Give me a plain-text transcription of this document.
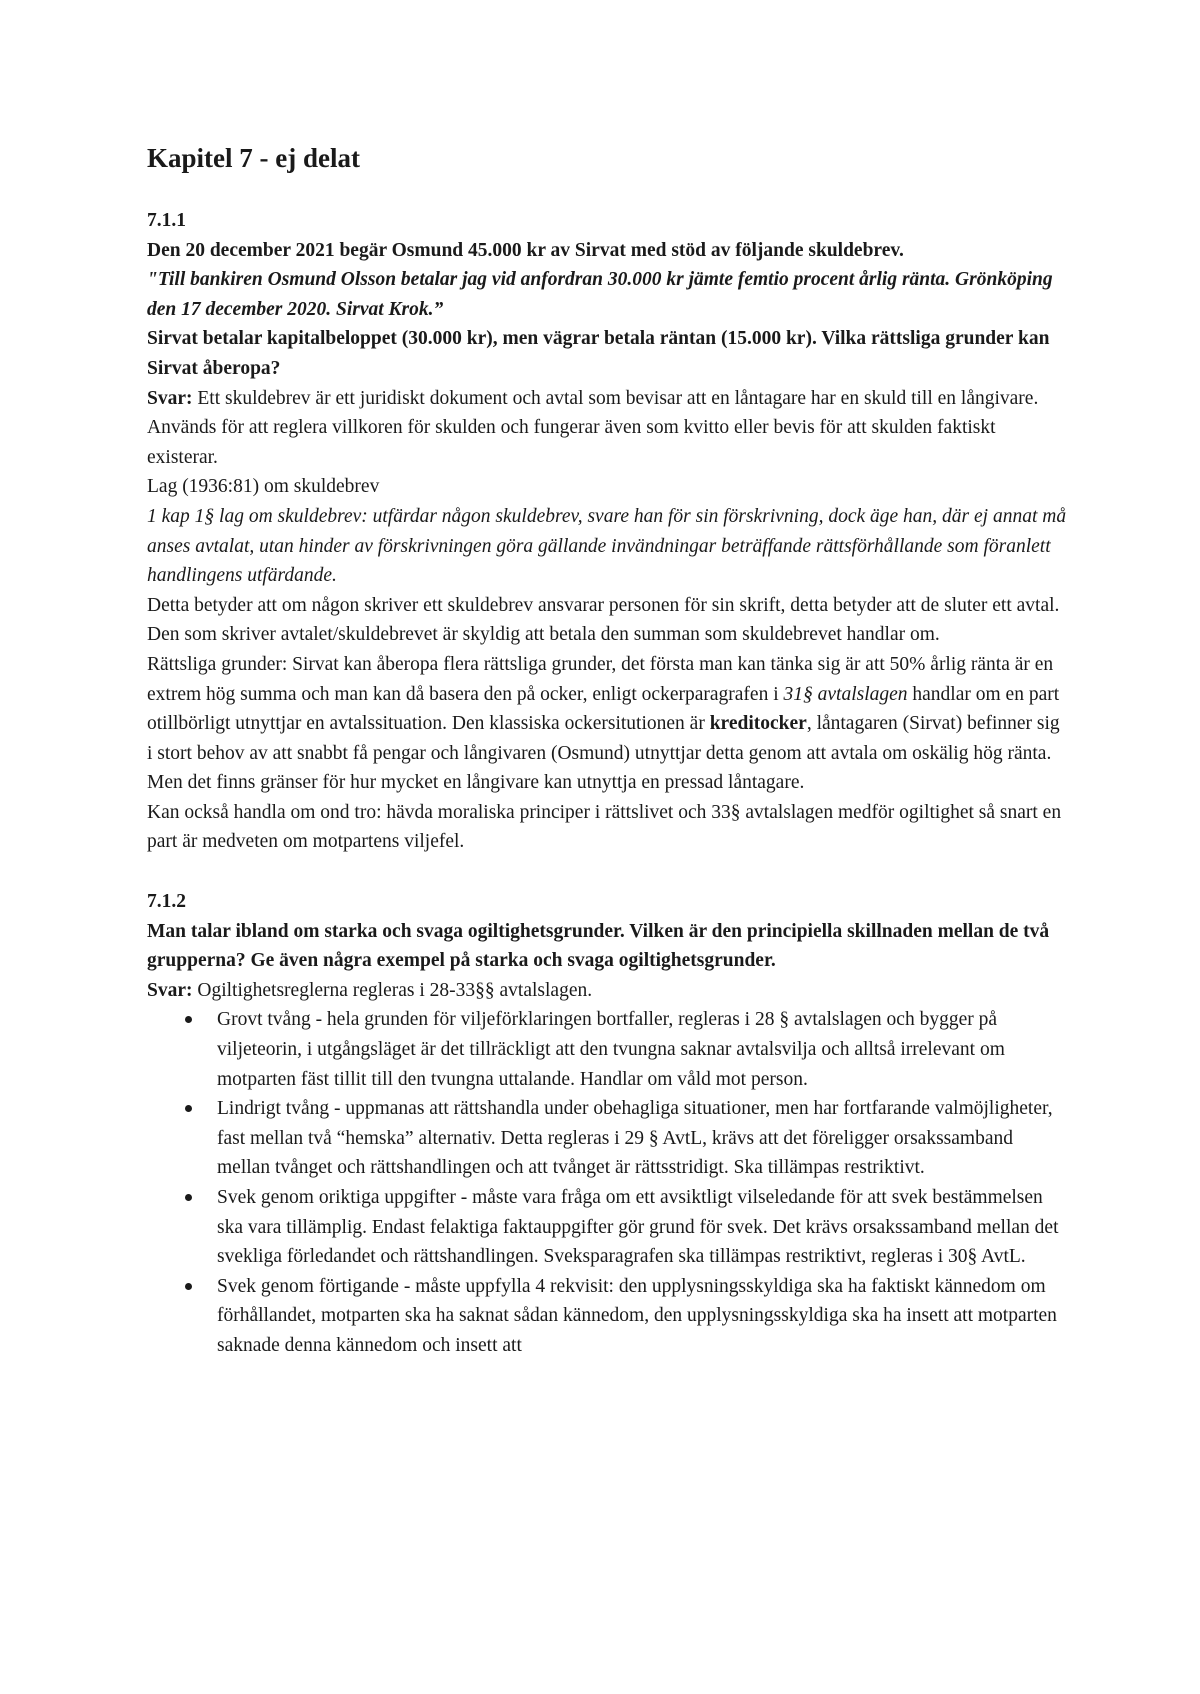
Kapitel 7 - ej delat

7.1.1

Den 20 december 2021 begär Osmund 45.000 kr av Sirvat med stöd av följande skuldebrev.

"Till bankiren Osmund Olsson betalar jag vid anfordran 30.000 kr jämte femtio procent årlig ränta. Grönköping den 17 december 2020. Sirvat Krok.”

Sirvat betalar kapitalbeloppet (30.000 kr), men vägrar betala räntan (15.000 kr). Vilka rättsliga grunder kan Sirvat åberopa?

Svar: Ett skuldebrev är ett juridiskt dokument och avtal som bevisar att en låntagare har en skuld till en långivare. Används för att reglera villkoren för skulden och fungerar även som kvitto eller bevis för att skulden faktiskt existerar.

Lag (1936:81) om skuldebrev

1 kap 1§ lag om skuldebrev: utfärdar någon skuldebrev, svare han för sin förskrivning, dock äge han, där ej annat må anses avtalat, utan hinder av förskrivningen göra gällande invändningar beträffande rättsförhållande som föranlett handlingens utfärdande.

Detta betyder att om någon skriver ett skuldebrev ansvarar personen för sin skrift, detta betyder att de sluter ett avtal. Den som skriver avtalet/skuldebrevet är skyldig att betala den summan som skuldebrevet handlar om.

Rättsliga grunder: Sirvat kan åberopa flera rättsliga grunder, det första man kan tänka sig är att 50% årlig ränta är en extrem hög summa och man kan då basera den på ocker, enligt ockerparagrafen i 31§ avtalslagen handlar om en part otillbörligt utnyttjar en avtalssituation. Den klassiska ockersitutionen är kreditocker, låntagaren (Sirvat) befinner sig i stort behov av att snabbt få pengar och långivaren (Osmund) utnyttjar detta genom att avtala om oskälig hög ränta. Men det finns gränser för hur mycket en långivare kan utnyttja en pressad låntagare.

Kan också handla om ond tro: hävda moraliska principer i rättslivet och 33§ avtalslagen medför ogiltighet så snart en part är medveten om motpartens viljefel.

7.1.2

Man talar ibland om starka och svaga ogiltighetsgrunder. Vilken är den principiella skillnaden mellan de två grupperna? Ge även några exempel på starka och svaga ogiltighetsgrunder.

Svar: Ogiltighetsreglerna regleras i 28-33§§ avtalslagen.

Grovt tvång - hela grunden för viljeförklaringen bortfaller, regleras i 28 § avtalslagen och bygger på viljeteorin, i utgångsläget är det tillräckligt att den tvungna saknar avtalsvilja och alltså irrelevant om motparten fäst tillit till den tvungna uttalande. Handlar om våld mot person.
Lindrigt tvång - uppmanas att rättshandla under obehagliga situationer, men har fortfarande valmöjligheter, fast mellan två “hemska” alternativ. Detta regleras i 29 § AvtL, krävs att det föreligger orsakssamband mellan tvånget och rättshandlingen och att tvånget är rättsstridigt. Ska tillämpas restriktivt.
Svek genom oriktiga uppgifter - måste vara fråga om ett avsiktligt vilseledande för att svek bestämmelsen ska vara tillämplig. Endast felaktiga faktauppgifter gör grund för svek. Det krävs orsakssamband mellan det svekliga förledandet och rättshandlingen. Sveksparagrafen ska tillämpas restriktivt, regleras i 30§ AvtL.
Svek genom förtigande - måste uppfylla 4 rekvisit: den upplysningsskyldiga ska ha faktiskt kännedom om förhållandet, motparten ska ha saknat sådan kännedom, den upplysningsskyldiga ska ha insett att motparten saknade denna kännedom och insett att
